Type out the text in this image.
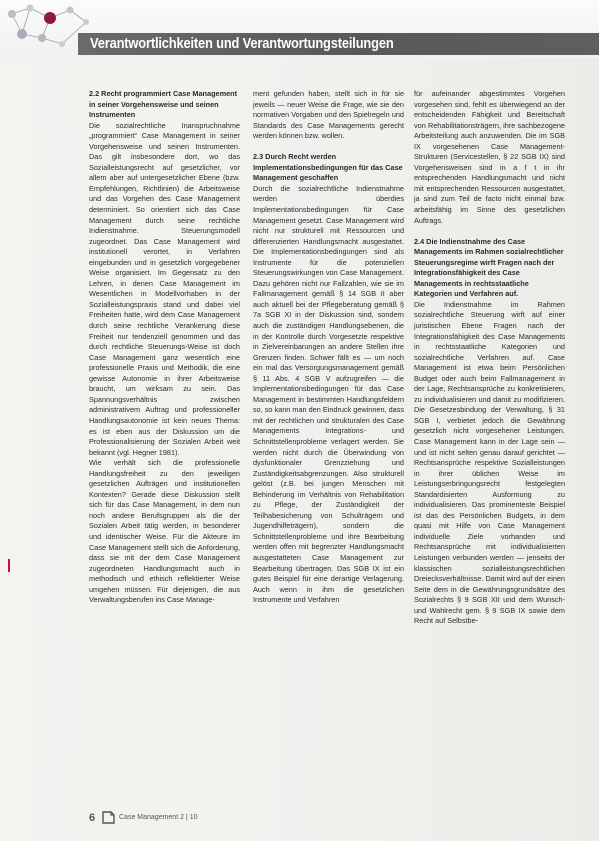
Verantwortlichkeiten und Verantwortungsteilungen
2.2 Recht programmiert Case Management in seiner Vorgehensweise und seinen Instrumenten

Die sozialrechtliche Inanspruchnahme „programmiert“ Case Management in seiner Vorgehensweise und seinen Instrumenten. Das gilt insbesondere dort, wo das Sozialleistungsrecht auf gesetzlicher, vor allem aber auf untergesetzlicher Ebene (bzw. Empfehlungen, Richtlinien) die Arbeitsweise und das Vorgehen des Case Management determiniert. So orientiert sich das Case Management durch seine rechtliche Indienstnahme. Steuerungsmodell zugeordnet. Das Case Management wird institutionell verortet, in Verfahren eingebunden und in gesetzlich vorgegebener Weise organisiert. Im Gegensatz zu den Lehren, in denen Case Management im Wesentlichen in Modellvorhaben in der Sozialleistungspraxis stand und dabei viel Freiheiten hatte, wird dem Case Management durch seine rechtliche Verankerung diese Freiheit nur tendenziell genommen und das durch rechtliche Steuerungs-Weise ist doch Case Management ganz wesentlich eine professionelle Praxis und Methodik, die eine gewisse Autonomie in ihrer Arbeitsweise braucht, um wirksam zu sein. Das Spannungsverhältnis zwischen administrativem Auftrag und professioneller Handlungsautonomie ist kein neues Thema: es ist eben aus der Diskussion um die Professionalisierung der Sozialen Arbeit weit bekannt (vgl. Hegner 1981).

Wie verhält sich die professionelle Handlungsfreiheit zu den jeweiligen gesetzlichen Aufträgen und institutionellen Kontexten? Gerade diese Diskussion stellt sich für das Case Management, in dem nun noch andere Berufsgruppen als die der Sozialen Arbeit tätig werden, in besonderer und identischer Weise. Für die Akteure im Case Management stellt sich die Anforderung, dass sie mit der dem Case Management zugeordneten Handlungsmacht auch in methodisch und ethisch reflektierter Weise umgehen müssen. Für diejenigen, die aus Verwaltungsberufen ins Case Manage-

ment gefunden haben, stellt sich in für sie jeweils — neuer Weise die Frage, wie sie den normativen Vorgaben und den Spielregeln und Standards des Case Managements gerecht werden können bzw. wollen.

2.3 Durch Recht werden Implementationsbedingungen für das Case Management geschaffen

Durch die sozialrechtliche Indienstnahme werden überdies Implementationsbedingungen für Case Management gesetzt. Case Management wird nicht nur strukturell mit Ressourcen und differenzierten Handlungsmacht ausgestattet. Die Implementationsbedingungen sind als Instrumente für die potenziellen Steuerungswirkungen von Case Management. Dazu gehören nicht nur Fallzahlen, wie sie im Fallmanagement gemäß § 14 SGB II aber auch aktuell bei der Pflegeberatung gemäß § 7a SGB XI in der Diskussion sind, sondern auch die zuständigen Handlungsebenen, die in der Kontrolle durch Vorgesetzte respektive in Zielvereinbarungen an andere Stellen ihre Grenzen finden. Schwer fällt es — um noch ein mal das Versorgungsmanagement gemäß § 11 Abs. 4 SGB V aufzugreifen — die Implementationsbedingungen für das Case Management in bestimmten Handlungsfeldern so, so kann man den Eindruck gewinnen, dass mit der rechtlichen und strukturalen des Case Managements Integrations- und Schnittstellenprobleme verlagert werden. Sie werden nicht durch die Überwindung von dysfunktionaler Grenzziehung und Zuständigkeitsabgrenzungen. Also strukturell gelöst (z.B. bei jungen Menschen mit Behinderung im Verhältnis von Rehabilitation zu Pflege, der Zuständigkeit der Teilhabesicherung von Schulträgern und Jugendhilfeträgern), sondern die Schnittstellenprobleme und ihre Bearbeitung werden offen mit begrenzter Handlungsmacht ausgestatteten Case Management zur Bearbeitung übertragen. Das SGB IX ist ein gutes Beispiel für eine derartige Verlagerung. Auch wenn in ihm die gesetzlichen Instrumente und Verfahren

für aufeinander abgestimmtes Vorgehen vorgesehen sind, fehlt es überwiegend an der entscheidenden Fähigkeit und Bereitschaft von Rehabilitationsträgern, ihre sachbezogene Arbeitsteilung auch anzuwenden. Die im SGB IX vorgesehenen Case Management-Strukturen (Servicestellen, § 22 SGB IX) sind Vorgehensweisen sind in a f t in ihr entsprechenden Handlungsmacht und nicht mit entsprechenden Ressourcen ausgestattet, ja sind zum Teil de facto nicht einmal bzw. arbeitsfähig im Sinne des gesetzlichen Auftrags.

2.4 Die Indienstnahme des Case Managements im Rahmen sozialrechtlicher Steuerungsregime wirft Fragen nach der Integrationsfähigkeit des Case Managements in rechtsstaatliche Kategorien und Verfahren auf.

Die Indienstnahme im Rahmen sozialrechtliche Steuerung wirft auf einer juristischen Ebene Fragen nach der Integrationsfähigkeit des Case Managements in rechtsstaatliche Kategorien und sozialrechtliche Verfahren auf. Case Management ist etwa beim Persönlichen Budget oder auch beim Fallmanagement in der Lage, Rechtsansprüche zu konkretisieren, zu individualisieren und damit zu modifizieren. Die Gesetzesbindung der Verwaltung, § 31 SGB I, verbietet jedoch die Gewährung gesetzlich nicht vorgesehener Leistungen. Case Management kann in der Lage sein — und ist nicht selten genau darauf gerichtet — Rechtsansprüche respektive Sozialleistungen in ihrer üblichen Weise im Leistungserbringungsrecht festgelegten Standardisierten Ausformung zu individualisieren. Das prominenteste Beispiel ist das des Persönlichen Budgets, in dem quasi mit Hilfe von Case Management individuelle Ziele vorhanden und Rechtsansprüche mit individualisierten Leistungen verbunden werden — jenseits der klassischen sozialleistungsrechtlichen Dreiecksverhältnisse. Damit wird auf der einen Seite dem in die Gewährungsgrundsätze des Sozialrechts § 9 SGB XII und dem Wunsch- und Wahlrecht gem. § 9 SGB IX sowie dem Recht auf Selbstbe-

6	Case Management 2 | 10
